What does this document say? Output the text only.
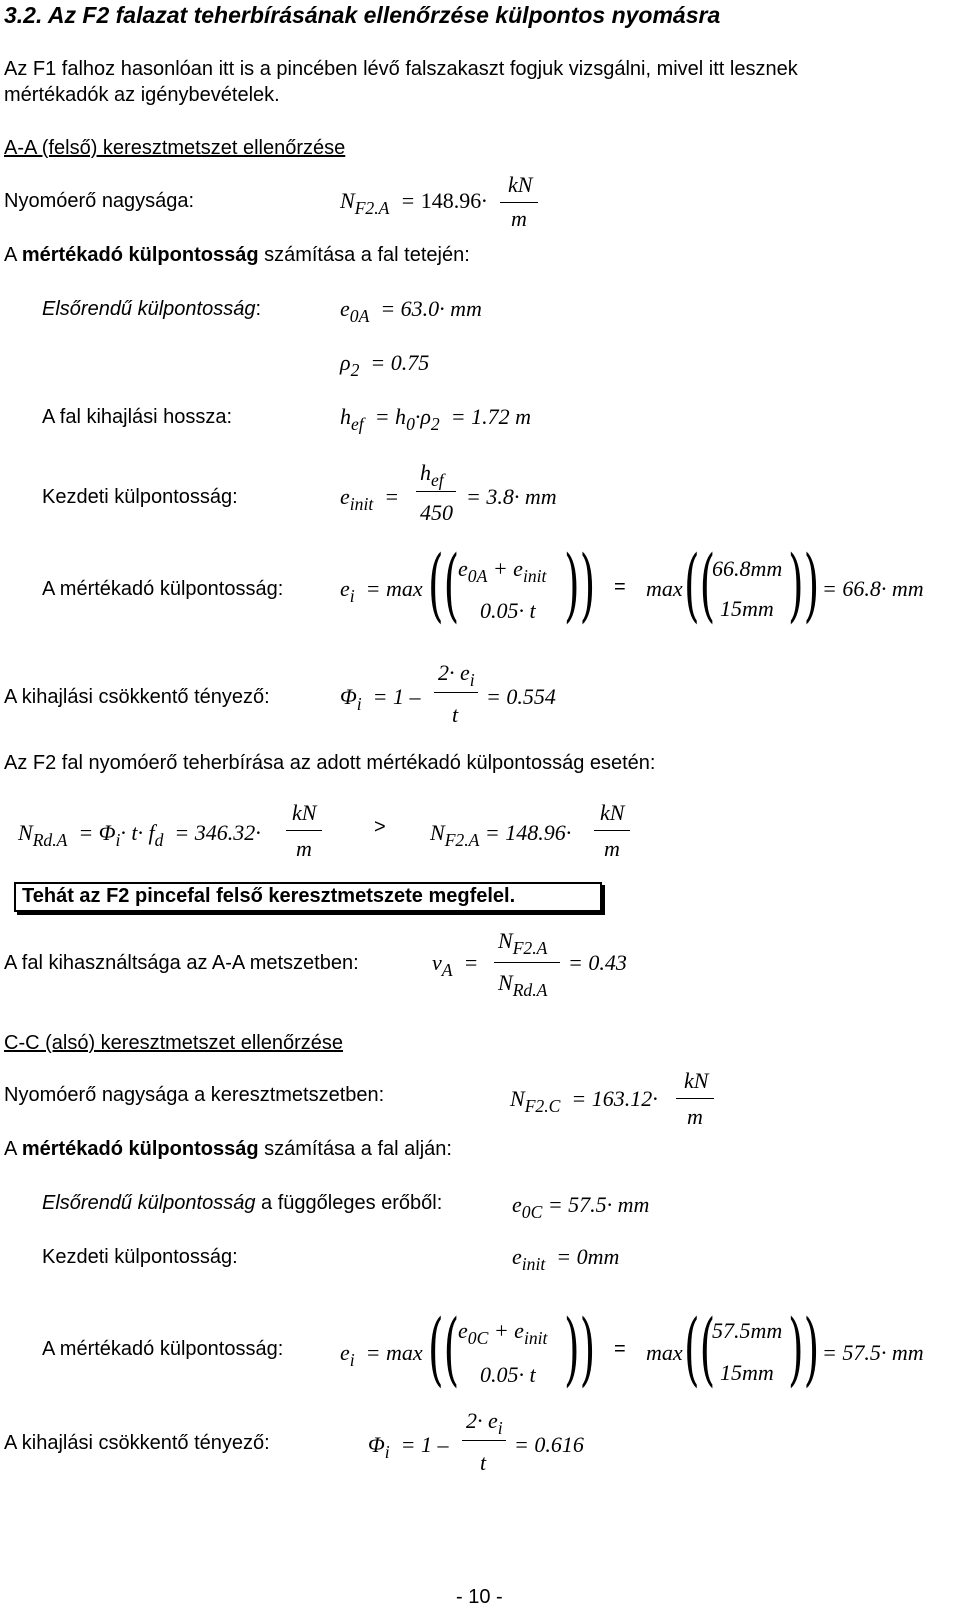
3.2. Az F2 falazat teherbírásának ellenőrzése külpontos nyomásra
Az F1 falhoz hasonlóan itt is a pincében lévő falszakaszt fogjuk vizsgálni, mivel itt lesznek
mértékadók az igénybevételek.
A-A (felső) keresztmetszet ellenőrzése
Nyomóerő nagysága:	$N_{F2.A} = 148.96\cdot$
kN
m
A mértékadó külpontosság számítása a fal tetején:
Elsőrendű külpontosság:	$e_{0A} = 63.0\cdot$ mm
$\rho_2 = 0.75$
A fal kihajlási hossza:	$h_{ef} = h_0\cdot\rho_2 = 1.72$ m
Kezdeti külpontosság:	$e_{init}$  =
$h_{ef}$
450
= 3.8· mm
A mértékadó külpontosság:	$e_i = \max$ ((
$e_{0A} + e_{init}$
0.05· t )) = max ((
66.8mm
15mm )) = 66.8· mm
A kihajlási csökkentő tényező:	$\Phi_i = 1$ –
$2\cdot e_i$
t
= 0.554
Az F2 fal nyomóerő teherbírása az adott mértékadó külpontosság esetén:
$N_{Rd.A} = \Phi_i\cdot t\cdot f_d = 346.32\cdot$
kN
m
> $N_{F2.A} = 148.96\cdot$
kN
m
Tehát az F2 pincefal felső keresztmetszete megfelel.
A fal kihasználtsága az A-A metszetben:	$\nu_A$  =
$N_{F2.A}$
$N_{Rd.A}$
= 0.43
C-C (alsó) keresztmetszet ellenőrzése
Nyomóerő nagysága a keresztmetszetben:	$N_{F2.C} = 163.12\cdot$
kN
m
A mértékadó külpontosság számítása a fal alján:
Elsőrendű külpontosság a függőleges erőből:	$e_{0C} = 57.5\cdot$ mm
Kezdeti külpontosság:	$e_{init} = 0mm$
A mértékadó külpontosság:	$e_i = \max$ ((
$e_{0C} + e_{init}$
0.05· t )) = max ((
57.5mm
15mm )) = 57.5· mm
A kihajlási csökkentő tényező:	$\Phi_i = 1$ –
$2\cdot e_i$
t
= 0.616
- 10 -
